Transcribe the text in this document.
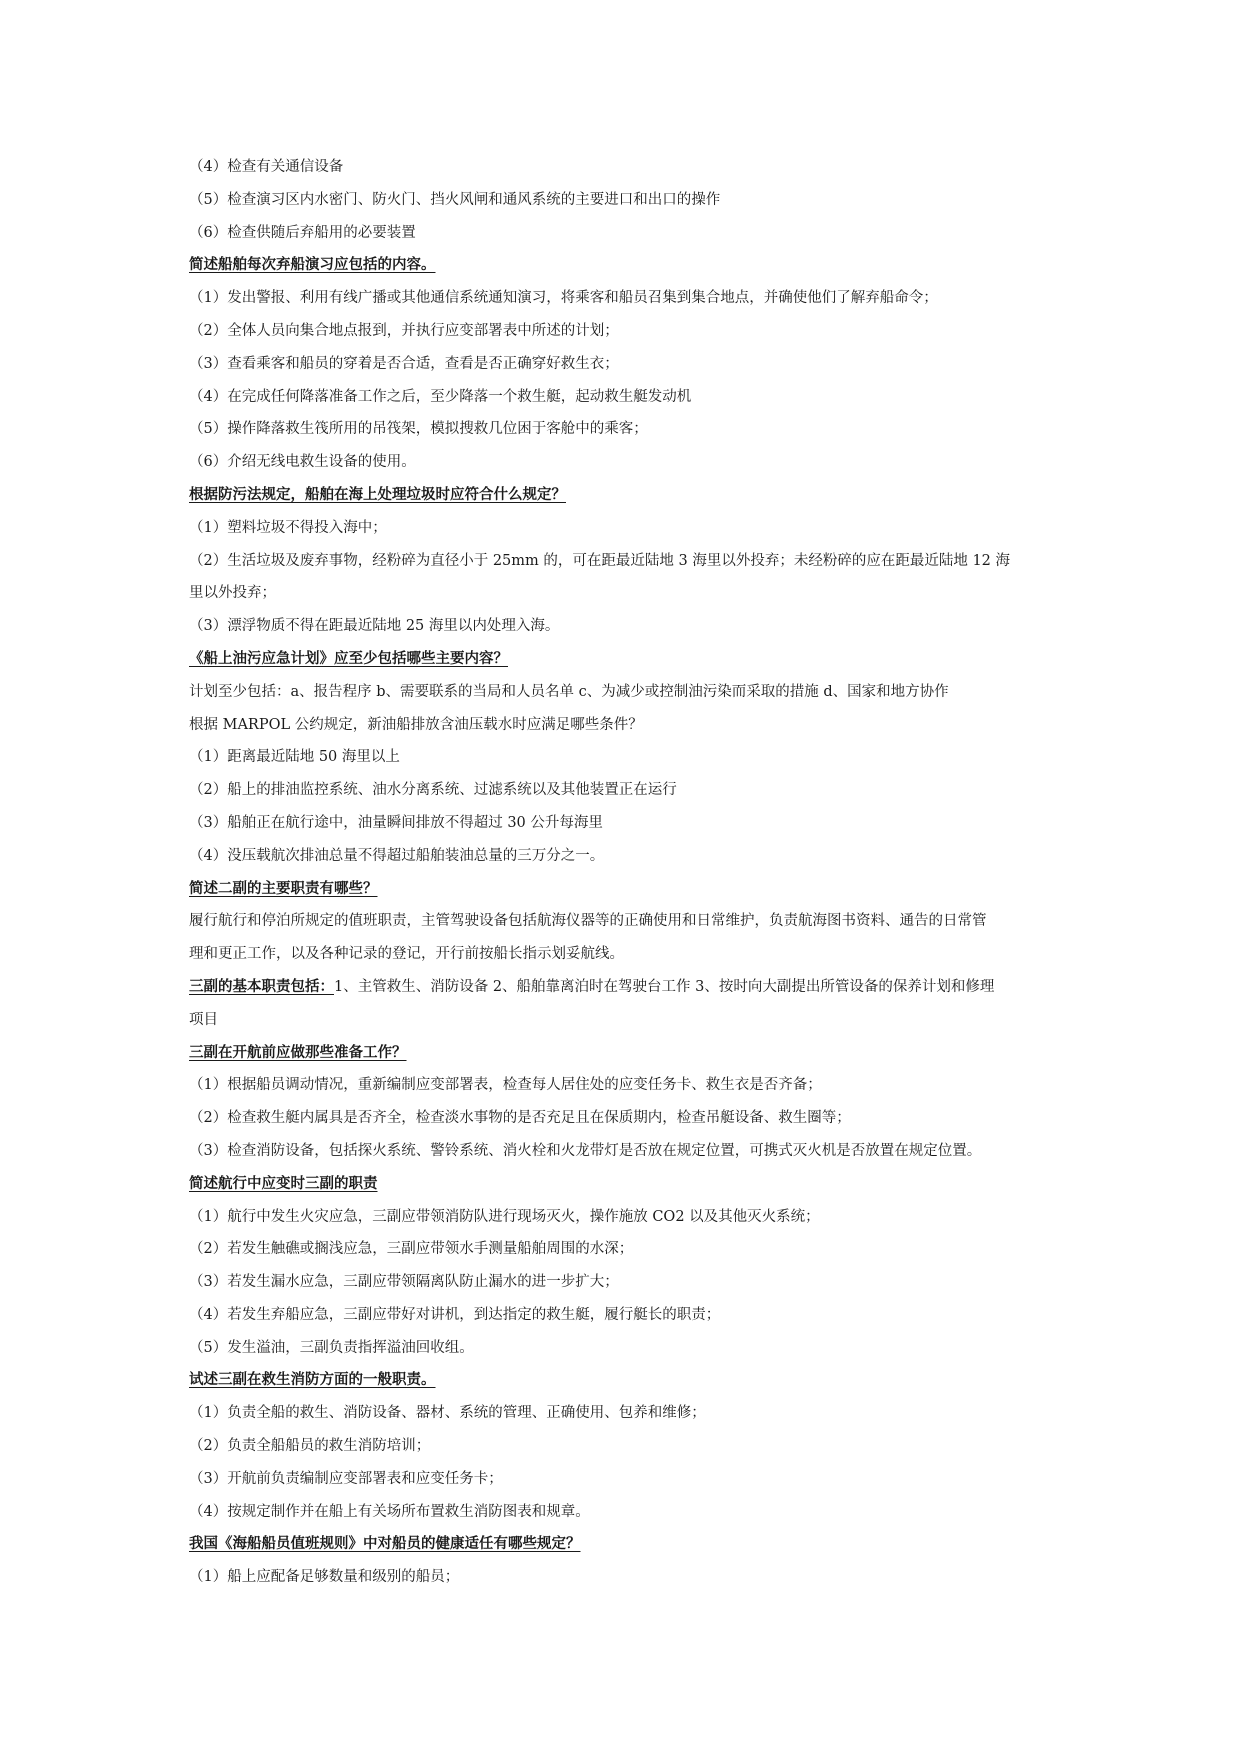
（4）检查有关通信设备
（5）检查演习区内水密门、防火门、挡火风闸和通风系统的主要进口和出口的操作
（6）检查供随后弃船用的必要装置
简述船舶每次弃船演习应包括的内容。
（1）发出警报、利用有线广播或其他通信系统通知演习，将乘客和船员召集到集合地点，并确使他们了解弃船命令；
（2）全体人员向集合地点报到，并执行应变部署表中所述的计划；
（3）查看乘客和船员的穿着是否合适，查看是否正确穿好救生衣；
（4）在完成任何降落准备工作之后，至少降落一个救生艇，起动救生艇发动机
（5）操作降落救生筏所用的吊筏架，模拟搜救几位困于客舱中的乘客；
（6）介绍无线电救生设备的使用。
根据防污法规定，船舶在海上处理垃圾时应符合什么规定？
（1）塑料垃圾不得投入海中；
（2）生活垃圾及废弃事物，经粉碎为直径小于 25mm 的，可在距最近陆地 3 海里以外投弃；未经粉碎的应在距最近陆地 12 海
里以外投弃；
（3）漂浮物质不得在距最近陆地 25 海里以内处理入海。
《船上油污应急计划》应至少包括哪些主要内容？
计划至少包括：a、报告程序 b、需要联系的当局和人员名单 c、为减少或控制油污染而采取的措施 d、国家和地方协作
根据 MARPOL 公约规定，新油船排放含油压载水时应满足哪些条件？
（1）距离最近陆地 50 海里以上
（2）船上的排油监控系统、油水分离系统、过滤系统以及其他装置正在运行
（3）船舶正在航行途中，油量瞬间排放不得超过 30 公升每海里
（4）没压载航次排油总量不得超过船舶装油总量的三万分之一。
简述二副的主要职责有哪些？
履行航行和停泊所规定的值班职责，主管驾驶设备包括航海仪器等的正确使用和日常维护，负责航海图书资料、通告的日常管
理和更正工作，以及各种记录的登记，开行前按船长指示划妥航线。
三副的基本职责包括：1、主管救生、消防设备 2、船舶靠离泊时在驾驶台工作 3、按时向大副提出所管设备的保养计划和修理
项目
三副在开航前应做那些准备工作？
（1）根据船员调动情况，重新编制应变部署表，检查每人居住处的应变任务卡、救生衣是否齐备；
（2）检查救生艇内属具是否齐全，检查淡水事物的是否充足且在保质期内，检查吊艇设备、救生圈等；
（3）检查消防设备，包括探火系统、警铃系统、消火栓和火龙带灯是否放在规定位置，可携式灭火机是否放置在规定位置。
简述航行中应变时三副的职责
（1）航行中发生火灾应急，三副应带领消防队进行现场灭火，操作施放 CO2 以及其他灭火系统；
（2）若发生触礁或搁浅应急，三副应带领水手测量船舶周围的水深；
（3）若发生漏水应急，三副应带领隔离队防止漏水的进一步扩大；
（4）若发生弃船应急，三副应带好对讲机，到达指定的救生艇，履行艇长的职责；
（5）发生溢油，三副负责指挥溢油回收组。
试述三副在救生消防方面的一般职责。
（1）负责全船的救生、消防设备、器材、系统的管理、正确使用、包养和维修；
（2）负责全船船员的救生消防培训；
（3）开航前负责编制应变部署表和应变任务卡；
（4）按规定制作并在船上有关场所布置救生消防图表和规章。
我国《海船船员值班规则》中对船员的健康适任有哪些规定？
（1）船上应配备足够数量和级别的船员；
